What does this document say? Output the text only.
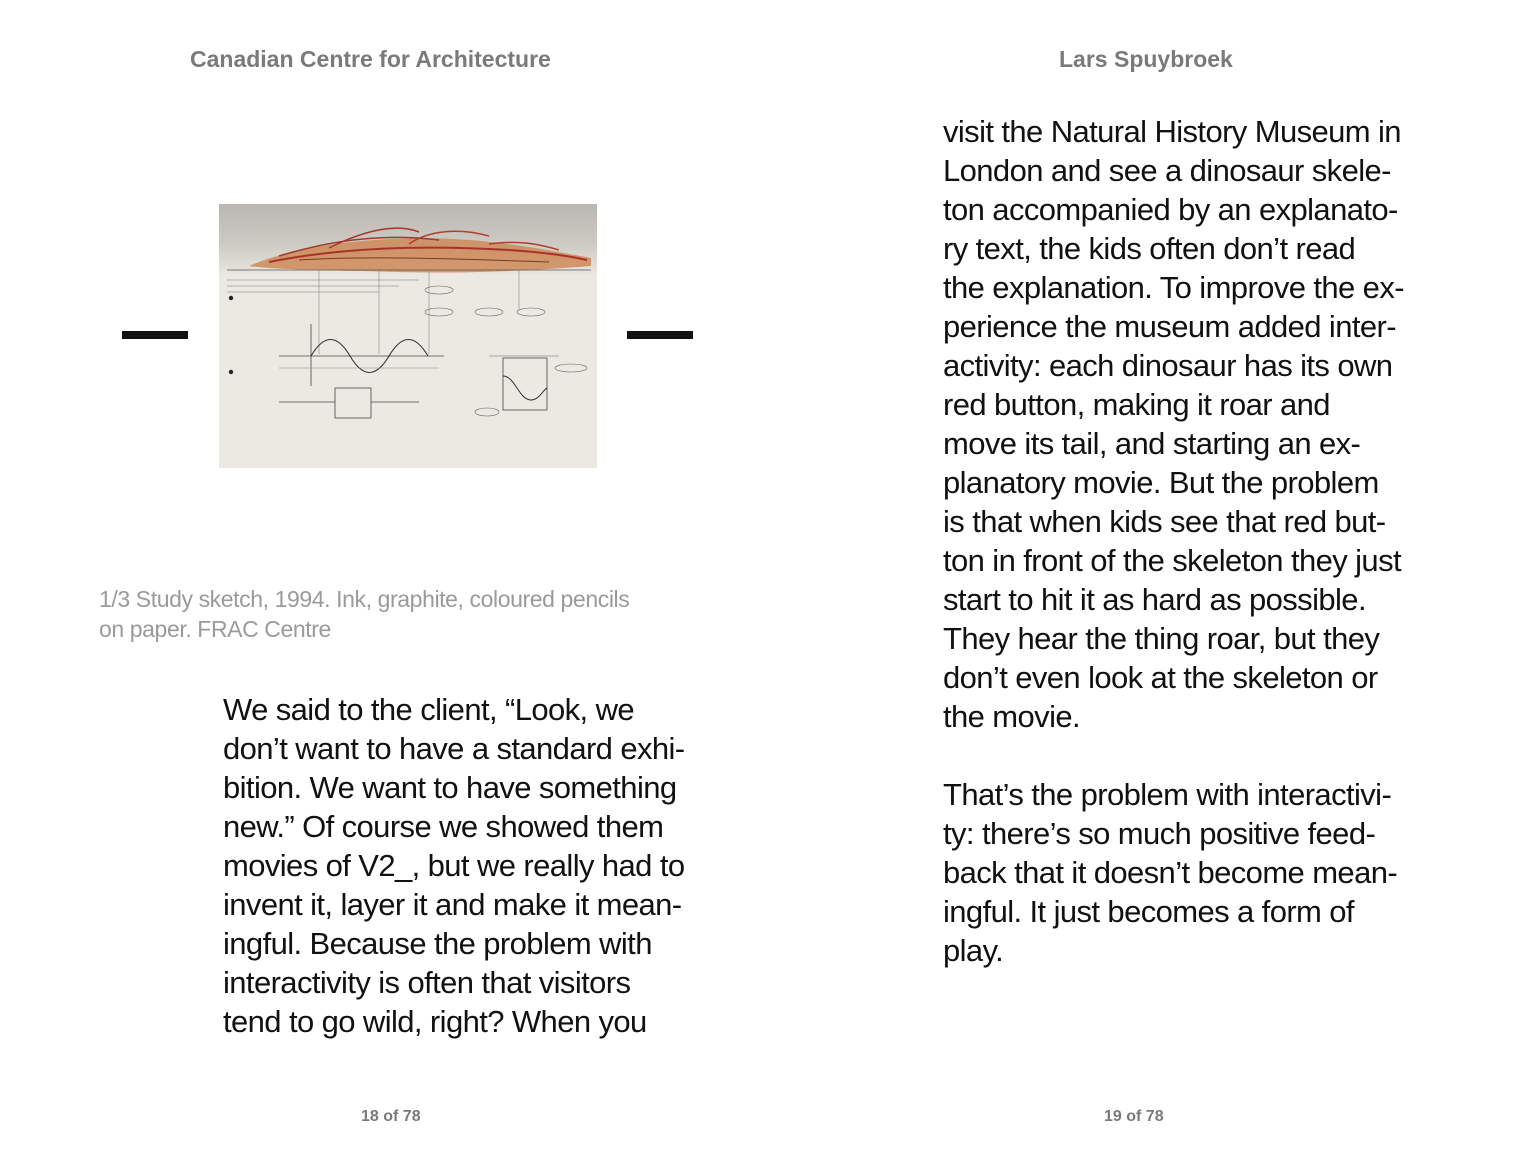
Canadian Centre for Architecture
1/3 Study sketch, 1994. Ink, graphite, coloured pencils
on paper. FRAC Centre
We said to the client, “Look, we
don’t want to have a standard exhi-
bition. We want to have something
new.” Of course we showed them
movies of V2_, but we really had to
invent it, layer it and make it mean-
ingful. Because the problem with
interactivity is often that visitors
tend to go wild, right? When you
18 of 78
Lars Spuybroek
visit the Natural History Museum in
London and see a dinosaur skele-
ton accompanied by an explanato-
ry text, the kids often don’t read
the explanation. To improve the ex-
perience the museum added inter-
activity: each dinosaur has its own
red button, making it roar and
move its tail, and starting an ex-
planatory movie. But the problem
is that when kids see that red but-
ton in front of the skeleton they just
start to hit it as hard as possible.
They hear the thing roar, but they
don’t even look at the skeleton or
the movie.
That’s the problem with interactivi-
ty: there’s so much positive feed-
back that it doesn’t become mean-
ingful. It just becomes a form of
play.
19 of 78
